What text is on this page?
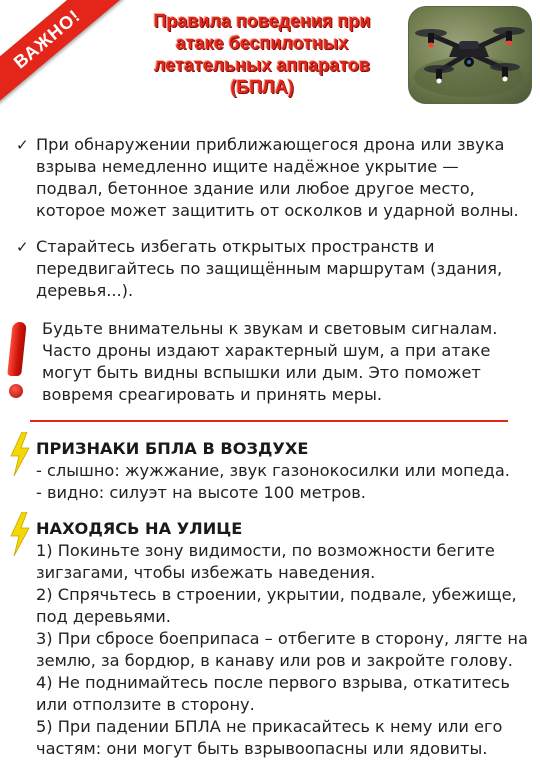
ВАЖНО!	Правила поведения при
атаке беспилотных
летательных аппаратов
(БПЛА)
✓ При обнаружении приближающегося дрона или звука
взрыва немедленно ищите надёжное укрытие —
подвал, бетонное здание или любое другое место,
которое может защитить от осколков и ударной волны.
✓ Старайтесь избегать открытых пространств и
передвигайтесь по защищённым маршрутам (здания,
деревья...).
Будьте внимательны к звукам и световым сигналам.
Часто дроны издают характерный шум, а при атаке
могут быть видны вспышки или дым. Это поможет
вовремя среагировать и принять меры.
ПРИЗНАКИ БПЛА В ВОЗДУХЕ
- слышно: жужжание, звук газонокосилки или мопеда.
- видно: силуэт на высоте 100 метров.
НАХОДЯСЬ НА УЛИЦЕ
1) Покиньте зону видимости, по возможности бегите
зигзагами, чтобы избежать наведения.
2) Спрячьтесь в строении, укрытии, подвале, убежище,
под деревьями.
3) При сбросе боеприпаса – отбегите в сторону, лягте на
землю, за бордюр, в канаву или ров и закройте голову.
4) Не поднимайтесь после первого взрыва, откатитесь
или отползите в сторону.
5) При падении БПЛА не прикасайтесь к нему или его
частям: они могут быть взрывоопасны или ядовиты.
